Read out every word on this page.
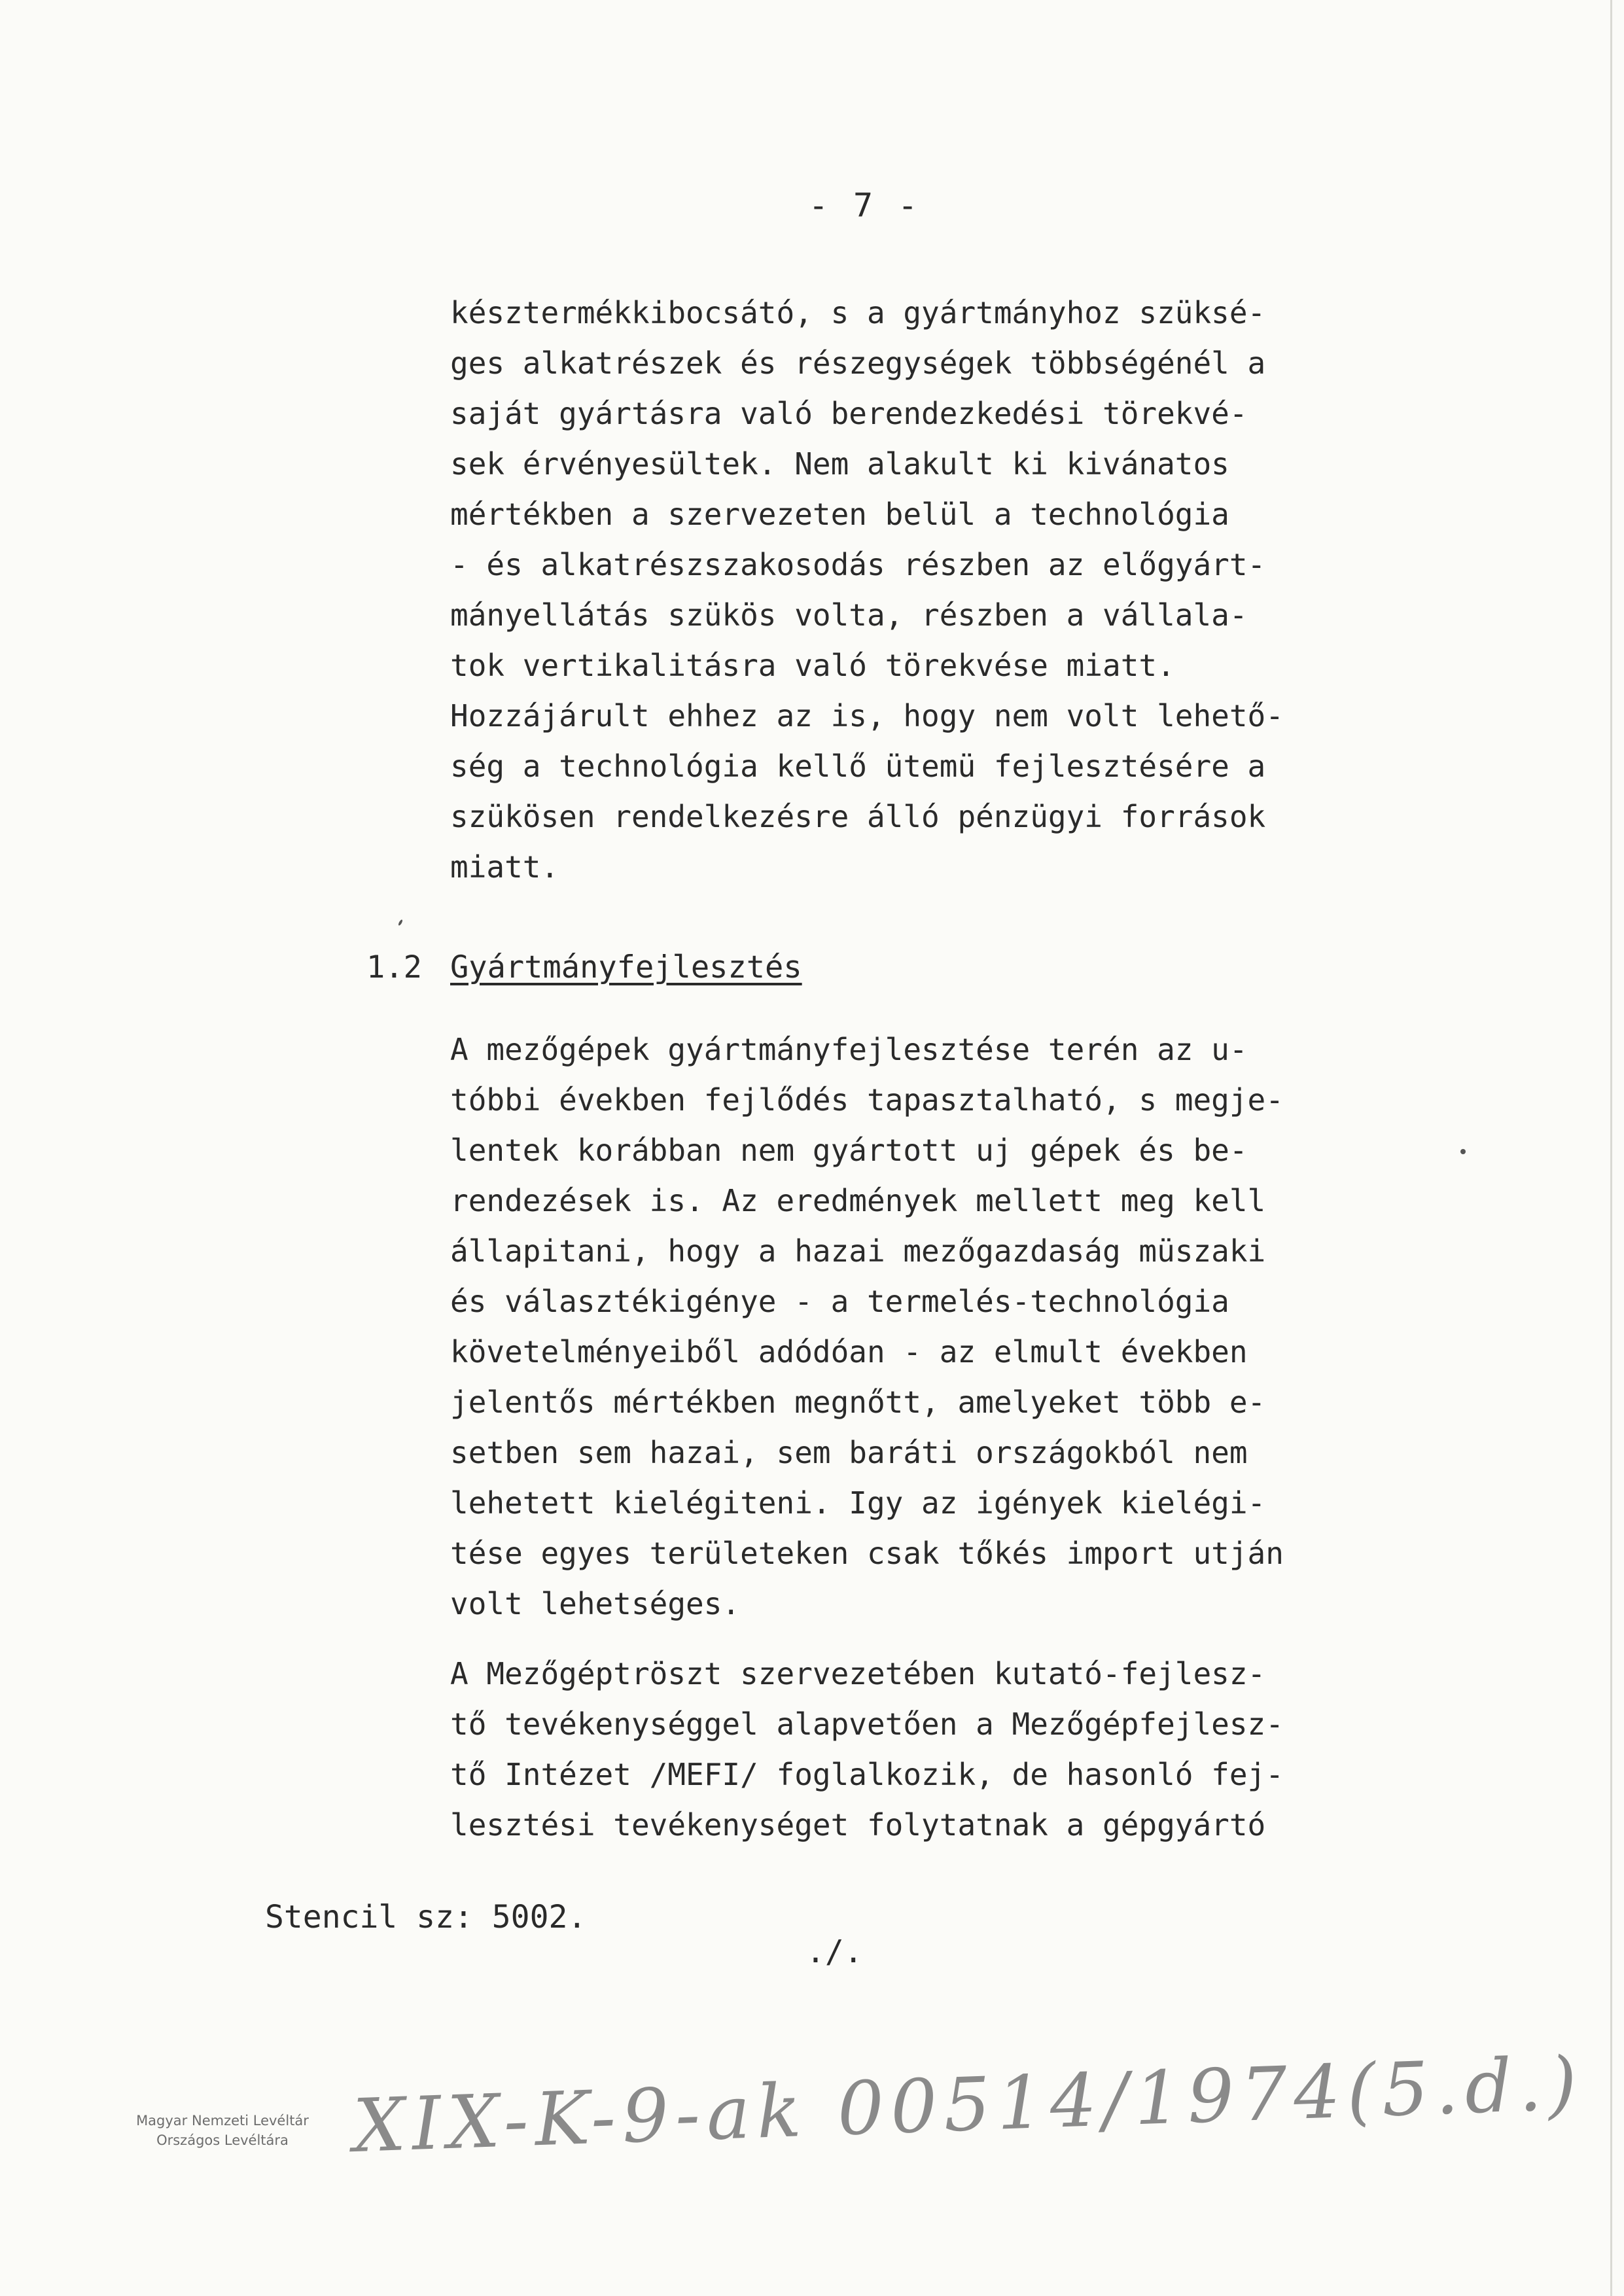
- 7 -
késztermékkibocsátó, s a gyártmányhoz szüksé-
ges alkatrészek és részegységek többségénél a
saját gyártásra való berendezkedési törekvé-
sek érvényesültek. Nem alakult ki kivánatos
mértékben a szervezeten belül a technológia
- és alkatrészszakosodás részben az előgyárt-
mányellátás szükös volta, részben a vállala-
tok vertikalitásra való törekvése miatt.
Hozzájárult ehhez az is, hogy nem volt lehető-
ség a technológia kellő ütemü fejlesztésére a
szükösen rendelkezésre álló pénzügyi források
miatt.
1.2 Gyártmányfejlesztés
A mezőgépek gyártmányfejlesztése terén az u-
tóbbi években fejlődés tapasztalható, s megje-
lentek korábban nem gyártott uj gépek és be-
rendezések is. Az eredmények mellett meg kell
állapitani, hogy a hazai mezőgazdaság müszaki
és választékigénye - a termelés-technológia
követelményeiből adódóan - az elmult években
jelentős mértékben megnőtt, amelyeket több e-
setben sem hazai, sem baráti országokból nem
lehetett kielégiteni. Igy az igények kielégi-
tése egyes területeken csak tőkés import utján
volt lehetséges.
A Mezőgéptröszt szervezetében kutató-fejlesz-
tő tevékenységgel alapvetően a Mezőgépfejlesz-
tő Intézet /MEFI/ foglalkozik, de hasonló fej-
lesztési tevékenységet folytatnak a gépgyártó
Stencil sz: 5002.
./.
Magyar Nemzeti Levéltár
Országos Levéltára XIX-K-9-ak 00514/1974(5.d.)
